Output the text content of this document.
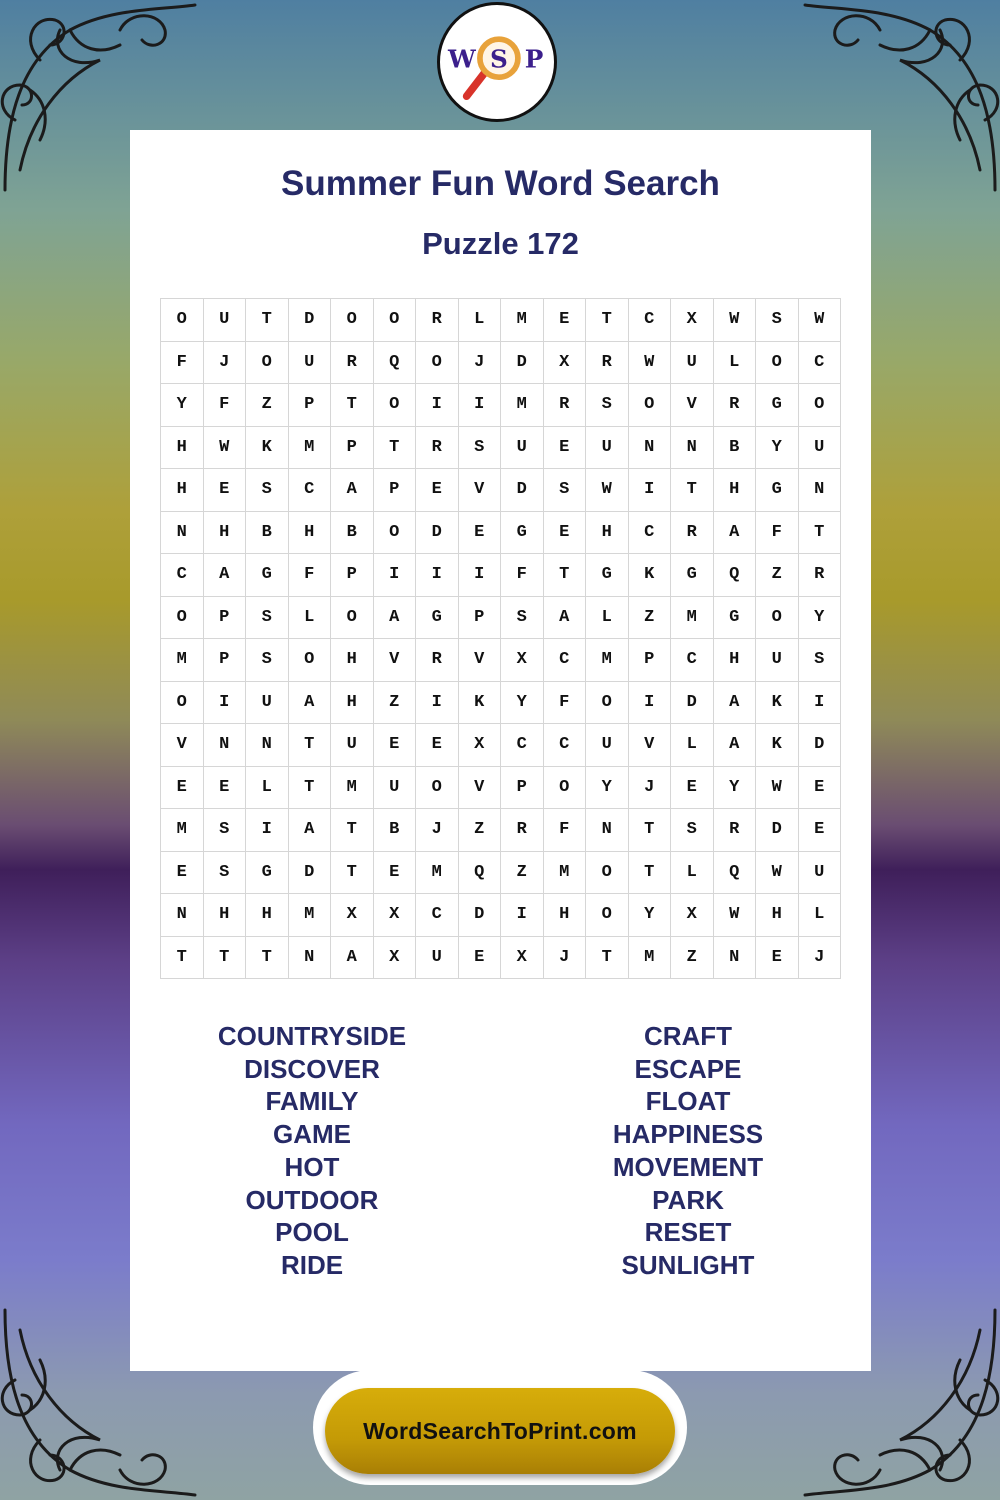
W S P
Summer Fun Word Search
Puzzle 172
O	U	T	D	O	O	R	L	M	E	T	C	X	W	S	W
F	J	O	U	R	Q	O	J	D	X	R	W	U	L	O	C
Y	F	Z	P	T	O	I	I	M	R	S	O	V	R	G	O
H	W	K	M	P	T	R	S	U	E	U	N	N	B	Y	U
H	E	S	C	A	P	E	V	D	S	W	I	T	H	G	N
N	H	B	H	B	O	D	E	G	E	H	C	R	A	F	T
C	A	G	F	P	I	I	I	F	T	G	K	G	Q	Z	R
O	P	S	L	O	A	G	P	S	A	L	Z	M	G	O	Y
M	P	S	O	H	V	R	V	X	C	M	P	C	H	U	S
O	I	U	A	H	Z	I	K	Y	F	O	I	D	A	K	I
V	N	N	T	U	E	E	X	C	C	U	V	L	A	K	D
E	E	L	T	M	U	O	V	P	O	Y	J	E	Y	W	E
M	S	I	A	T	B	J	Z	R	F	N	T	S	R	D	E
E	S	G	D	T	E	M	Q	Z	M	O	T	L	Q	W	U
N	H	H	M	X	X	C	D	I	H	O	Y	X	W	H	L
T	T	T	N	A	X	U	E	X	J	T	M	Z	N	E	J
COUNTRYSIDE
DISCOVER
FAMILY
GAME
HOT
OUTDOOR
POOL
RIDE
CRAFT
ESCAPE
FLOAT
HAPPINESS
MOVEMENT
PARK
RESET
SUNLIGHT
WordSearchToPrint.com
